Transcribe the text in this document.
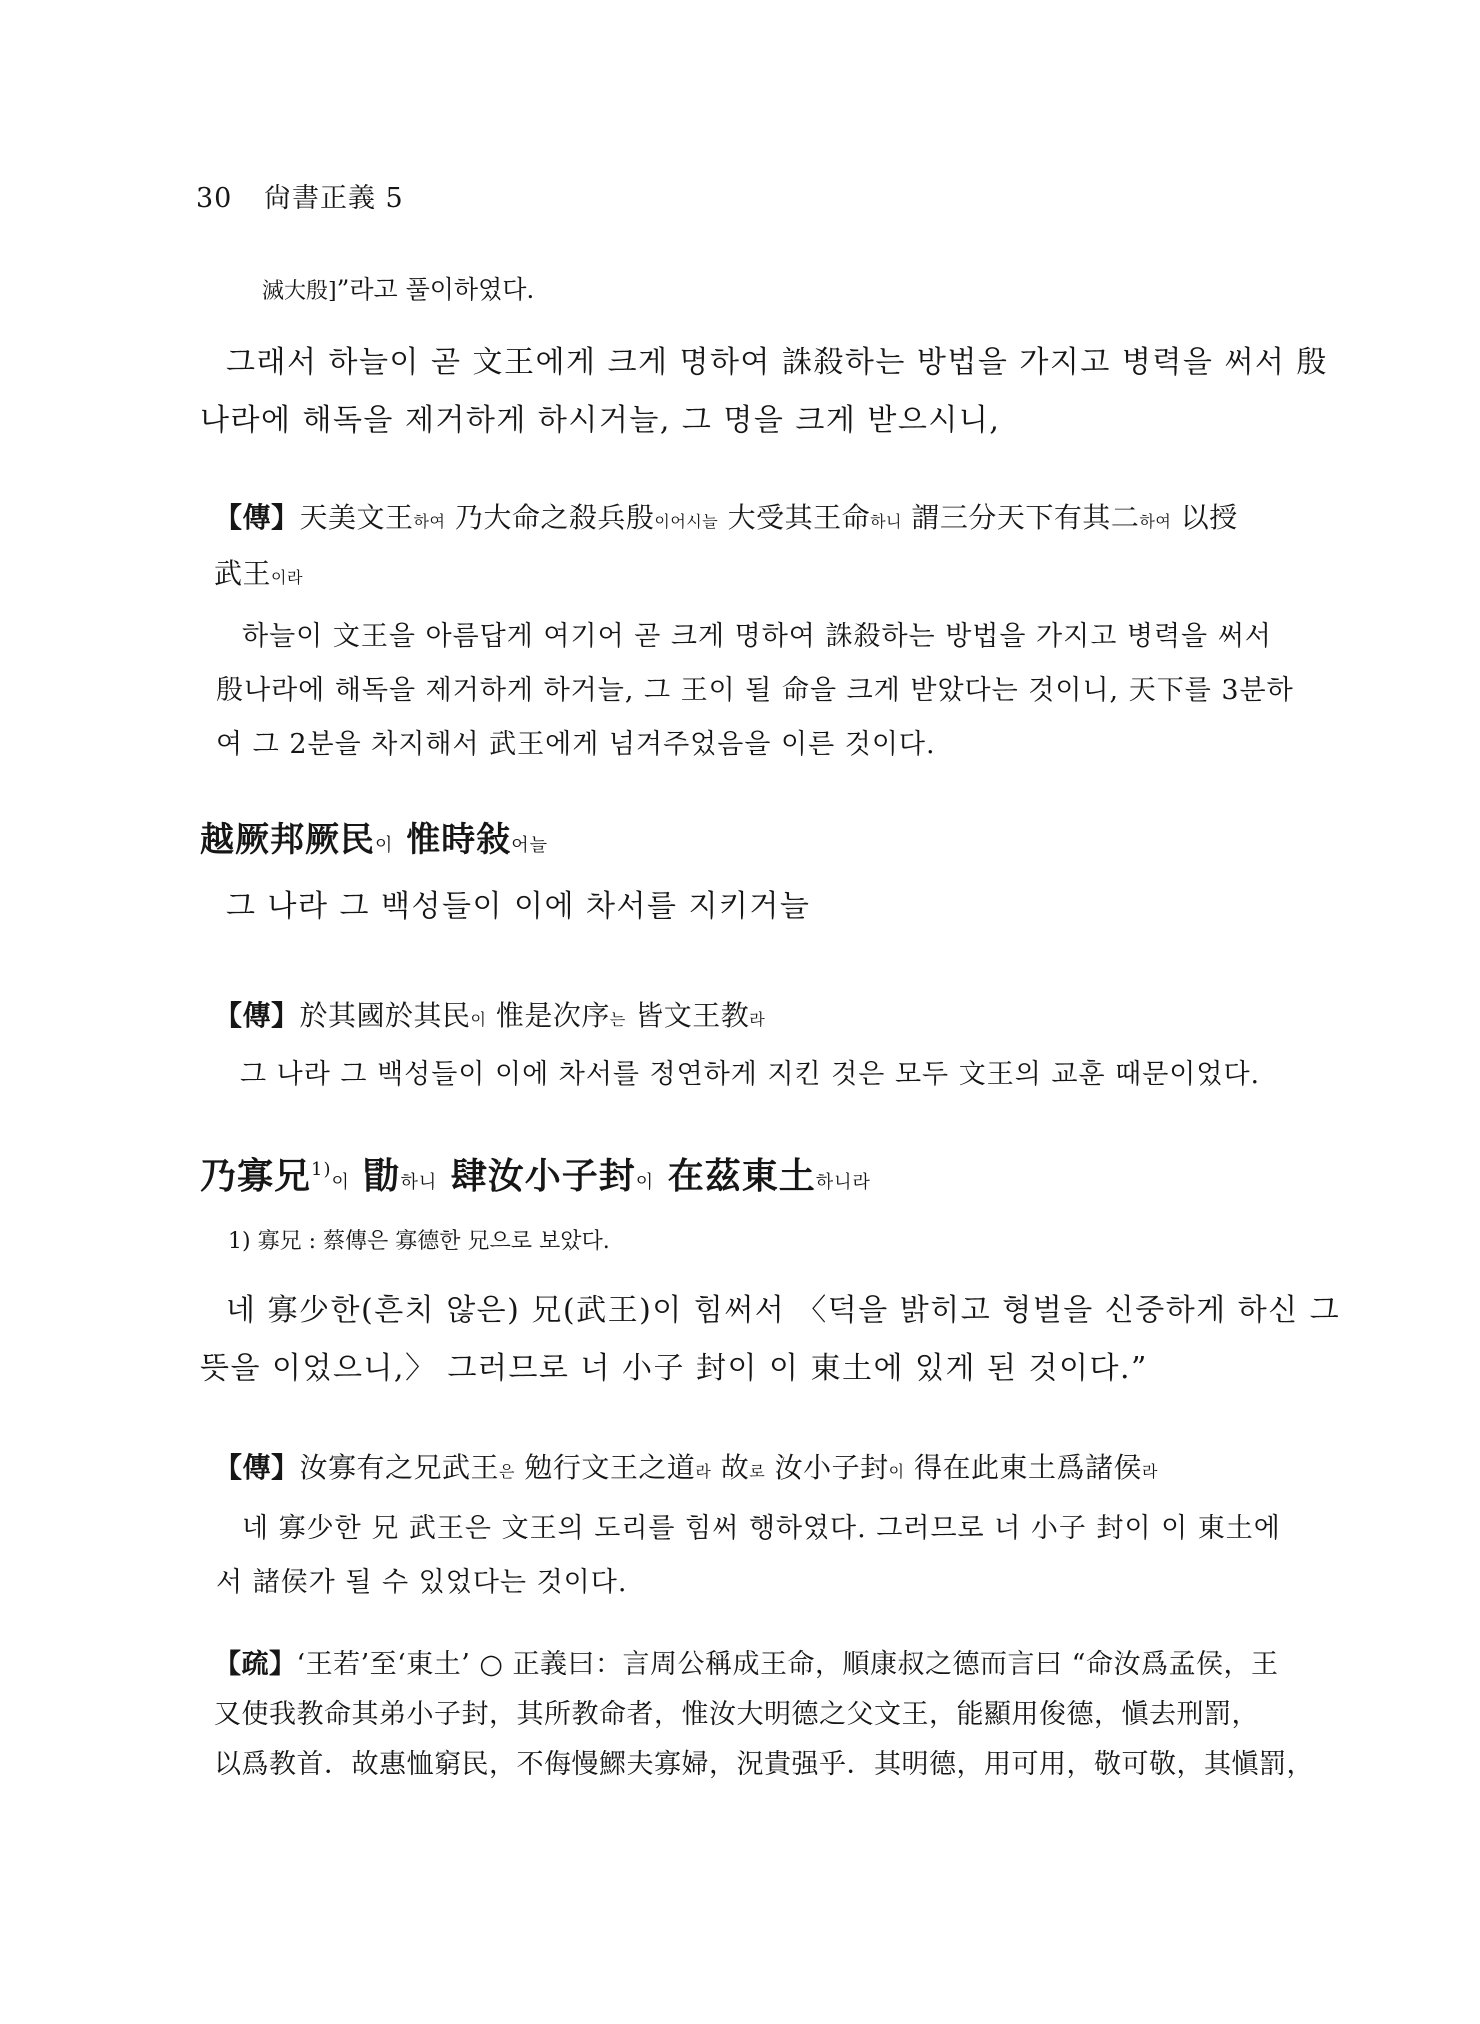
30 尙書正義 5
滅大殷]”라고 풀이하였다.
그래서 하늘이 곧 文王에게 크게 명하여 誅殺하는 방법을 가지고 병력을 써서 殷
나라에 해독을 제거하게 하시거늘, 그 명을 크게 받으시니,
【傳】天美文王하여 乃大命之殺兵殷이어시늘 大受其王命하니 謂三分天下有其二하여 以授
武王이라
하늘이 文王을 아름답게 여기어 곧 크게 명하여 誅殺하는 방법을 가지고 병력을 써서
殷나라에 해독을 제거하게 하거늘, 그 王이 될 命을 크게 받았다는 것이니, 天下를 3분하
여 그 2분을 차지해서 武王에게 넘겨주었음을 이른 것이다.
越厥邦厥民이 惟時敍어늘
그 나라 그 백성들이 이에 차서를 지키거늘
【傳】於其國於其民이 惟是次序는 皆文王教라
그 나라 그 백성들이 이에 차서를 정연하게 지킨 것은 모두 文王의 교훈 때문이었다.
乃寡兄$^{1)}$이 勖하니 肆汝小子封이 在茲東土하니라
1) 寡兄 : 蔡傳은 寡德한 兄으로 보았다.
네 寡少한(흔치 않은) 兄(武王)이 힘써서 〈덕을 밝히고 형벌을 신중하게 하신 그
뜻을 이었으니,〉 그러므로 너 小子 封이 이 東土에 있게 된 것이다.”
【傳】汝寡有之兄武王은 勉行文王之道라 故로 汝小子封이 得在此東土爲諸侯라
네 寡少한 兄 武王은 文王의 도리를 힘써 행하였다. 그러므로 너 小子 封이 이 東土에
서 諸侯가 될 수 있었다는 것이다.
【疏】‘王若’至‘東土’ ○ 正義曰：言周公稱成王命，順康叔之德而言曰 “命汝爲孟侯，王
又使我教命其弟小子封，其所教命者，惟汝大明德之父文王，能顯用俊德，愼去刑罰，
以爲教首．故惠恤窮民，不侮慢鰥夫寡婦，況貴强乎．其明德，用可用，敬可敬，其愼罰，
